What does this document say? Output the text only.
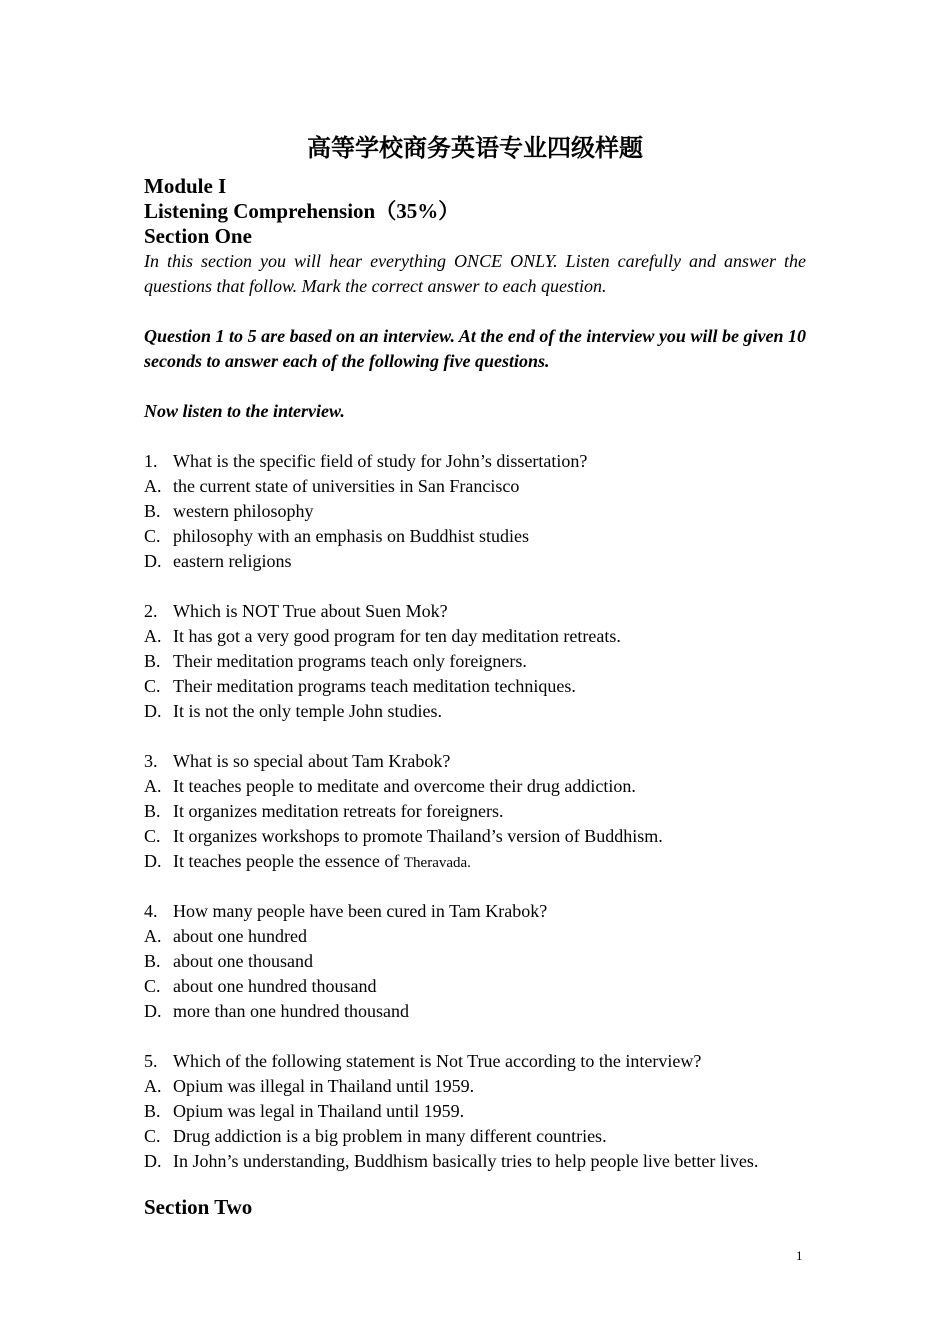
高等学校商务英语专业四级样题
Module I
Listening Comprehension（35%）
Section One

In this section you will hear everything ONCE ONLY. Listen carefully and answer the questions that follow. Mark the correct answer to each question.

Question 1 to 5 are based on an interview. At the end of the interview you will be given 10 seconds to answer each of the following five questions.

Now listen to the interview.

1. What is the specific field of study for John’s dissertation?
A. the current state of universities in San Francisco
B. western philosophy
C. philosophy with an emphasis on Buddhist studies
D. eastern religions
2. Which is NOT True about Suen Mok?
A. It has got a very good program for ten day meditation retreats.
B. Their meditation programs teach only foreigners.
C. Their meditation programs teach meditation techniques.
D. It is not the only temple John studies.
3. What is so special about Tam Krabok?
A. It teaches people to meditate and overcome their drug addiction.
B. It organizes meditation retreats for foreigners.
C. It organizes workshops to promote Thailand’s version of Buddhism.
D. It teaches people the essence of Theravada.
4. How many people have been cured in Tam Krabok?
A. about one hundred
B. about one thousand
C. about one hundred thousand
D. more than one hundred thousand
5. Which of the following statement is Not True according to the interview?
A. Opium was illegal in Thailand until 1959.
B. Opium was legal in Thailand until 1959.
C. Drug addiction is a big problem in many different countries.
D. In John’s understanding, Buddhism basically tries to help people live better lives.
Section Two
1
